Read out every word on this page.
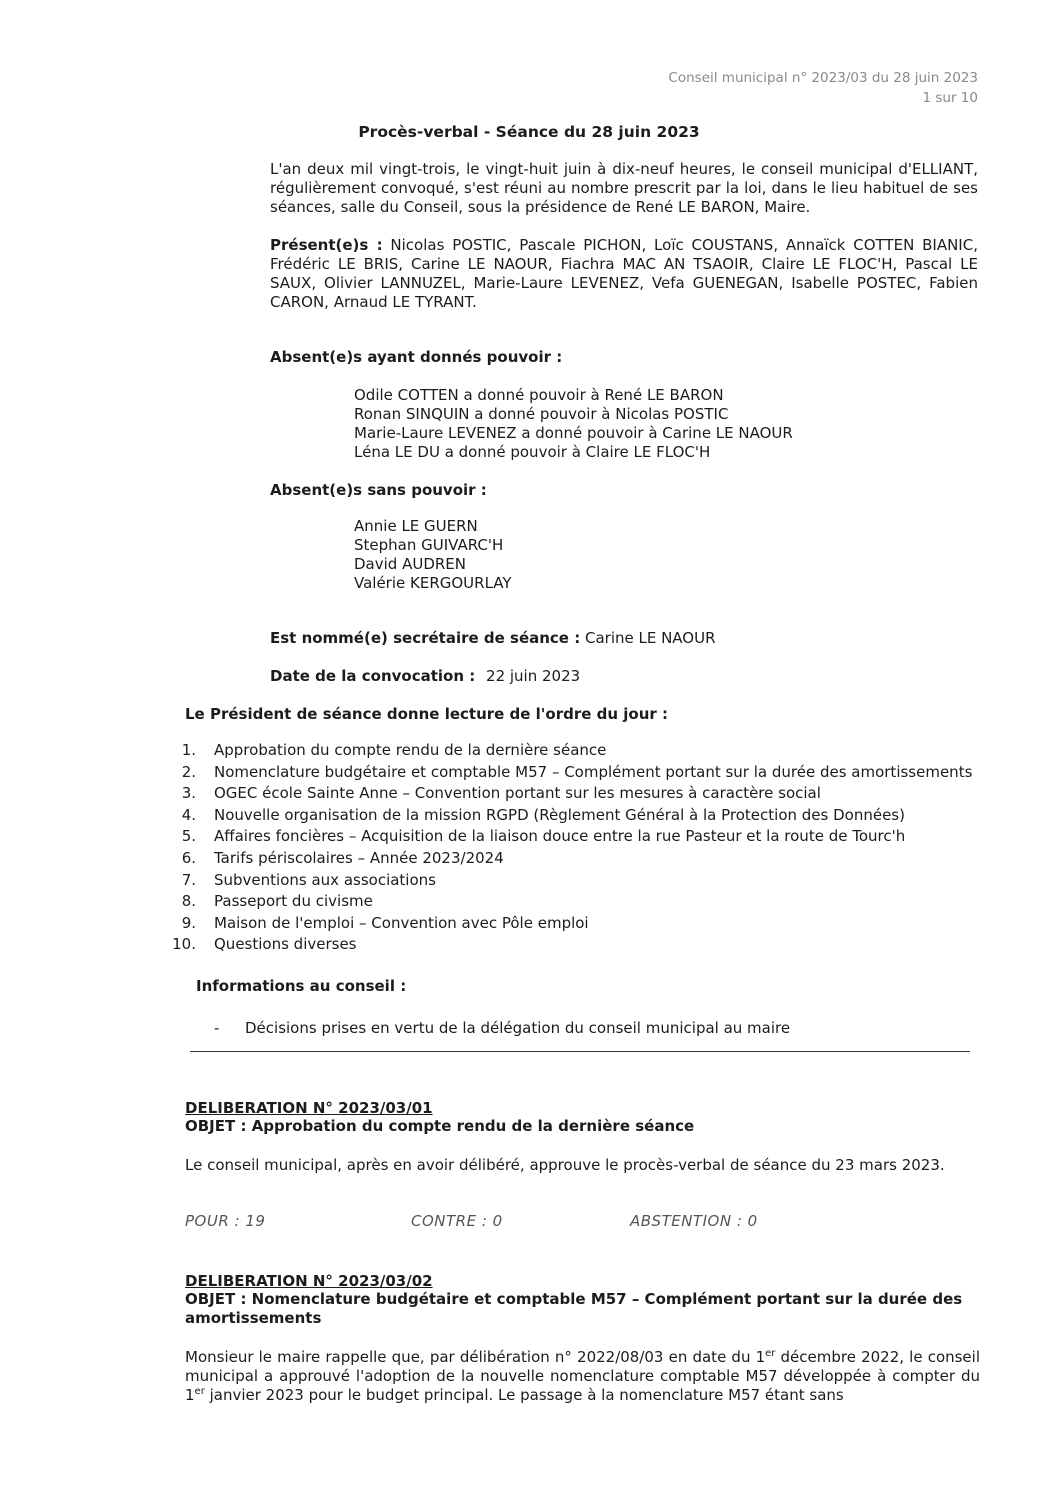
Conseil municipal n° 2023/03 du 28 juin 2023
1 sur 10
Procès-verbal - Séance du 28 juin 2023
L'an deux mil vingt-trois, le vingt-huit juin à dix-neuf heures, le conseil municipal d'ELLIANT, régulièrement convoqué, s'est réuni au nombre prescrit par la loi, dans le lieu habituel de ses séances, salle du Conseil, sous la présidence de René LE BARON, Maire.
Présent(e)s : Nicolas POSTIC, Pascale PICHON, Loïc COUSTANS, Annaïck COTTEN BIANIC, Frédéric LE BRIS, Carine LE NAOUR, Fiachra MAC AN TSAOIR, Claire LE FLOC'H, Pascal LE SAUX, Olivier LANNUZEL, Marie-Laure LEVENEZ, Vefa GUENEGAN, Isabelle POSTEC, Fabien CARON, Arnaud LE TYRANT.
Absent(e)s ayant donnés pouvoir :
Odile COTTEN a donné pouvoir à René LE BARON
Ronan SINQUIN a donné pouvoir à Nicolas POSTIC
Marie-Laure LEVENEZ a donné pouvoir à Carine LE NAOUR
Léna LE DU a donné pouvoir à Claire LE FLOC'H
Absent(e)s sans pouvoir :
Annie LE GUERN
Stephan GUIVARC'H
David AUDREN
Valérie KERGOURLAY
Est nommé(e) secrétaire de séance : Carine LE NAOUR
Date de la convocation : 22 juin 2023
Le Président de séance donne lecture de l'ordre du jour :
1. Approbation du compte rendu de la dernière séance
2. Nomenclature budgétaire et comptable M57 – Complément portant sur la durée des amortissements
3. OGEC école Sainte Anne – Convention portant sur les mesures à caractère social
4. Nouvelle organisation de la mission RGPD (Règlement Général à la Protection des Données)
5. Affaires foncières – Acquisition de la liaison douce entre la rue Pasteur et la route de Tourc'h
6. Tarifs périscolaires – Année 2023/2024
7. Subventions aux associations
8. Passeport du civisme
9. Maison de l'emploi – Convention avec Pôle emploi
10. Questions diverses
Informations au conseil :
- Décisions prises en vertu de la délégation du conseil municipal au maire
DELIBERATION N° 2023/03/01
OBJET : Approbation du compte rendu de la dernière séance
Le conseil municipal, après en avoir délibéré, approuve le procès-verbal de séance du 23 mars 2023.
POUR : 19	CONTRE : 0	ABSTENTION : 0
DELIBERATION N° 2023/03/02
OBJET : Nomenclature budgétaire et comptable M57 – Complément portant sur la durée des amortissements
Monsieur le maire rappelle que, par délibération n° 2022/08/03 en date du 1er décembre 2022, le conseil municipal a approuvé l'adoption de la nouvelle nomenclature comptable M57 développée à compter du 1er janvier 2023 pour le budget principal. Le passage à la nomenclature M57 étant sans
